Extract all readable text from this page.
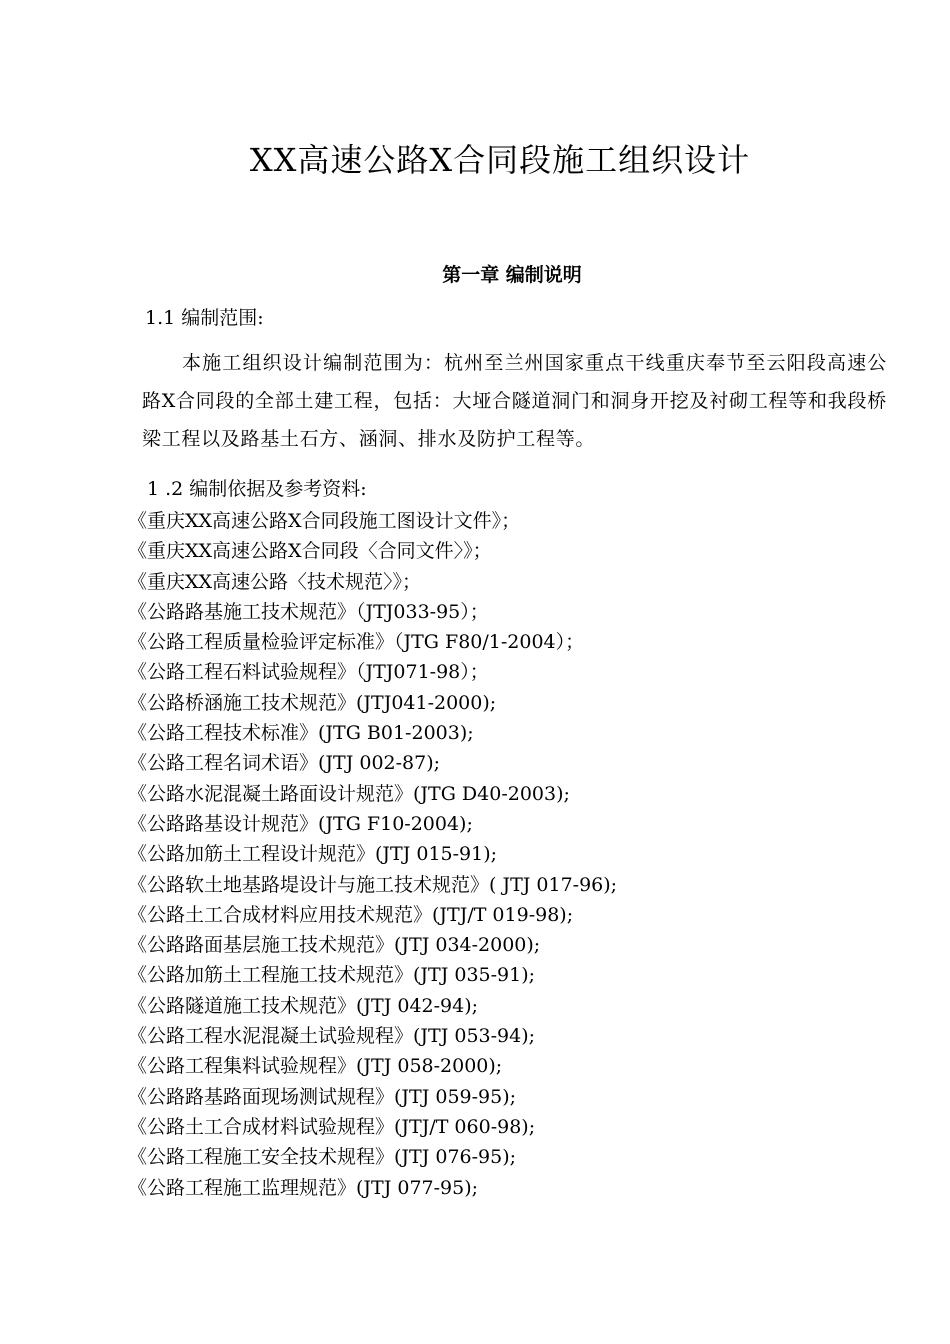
XX高速公路X合同段施工组织设计
第一章 编制说明
1.1 编制范围:
本施工组织设计编制范围为：杭州至兰州国家重点干线重庆奉节至云阳段高速公路X合同段的全部土建工程，包括：大垭合隧道洞门和洞身开挖及衬砌工程等和我段桥梁工程以及路基土石方、涵洞、排水及防护工程等。
1 .2 编制依据及参考资料:
《重庆XX高速公路X合同段施工图设计文件》；
《重庆XX高速公路X合同段〈合同文件〉》；
《重庆XX高速公路〈技术规范〉》；
《公路路基施工技术规范》（JTJ033-95）；
《公路工程质量检验评定标准》（JTG F80/1-2004）；
《公路工程石料试验规程》（JTJ071-98）；
《公路桥涵施工技术规范》(JTJ041-2000);
《公路工程技术标准》(JTG B01-2003);
《公路工程名词术语》(JTJ 002-87);
《公路水泥混凝土路面设计规范》(JTG D40-2003);
《公路路基设计规范》(JTG F10-2004);
《公路加筋土工程设计规范》(JTJ 015-91);
《公路软土地基路堤设计与施工技术规范》( JTJ 017-96);
《公路土工合成材料应用技术规范》(JTJ/T 019-98);
《公路路面基层施工技术规范》(JTJ 034-2000);
《公路加筋土工程施工技术规范》(JTJ 035-91);
《公路隧道施工技术规范》(JTJ 042-94);
《公路工程水泥混凝土试验规程》(JTJ 053-94);
《公路工程集料试验规程》(JTJ 058-2000);
《公路路基路面现场测试规程》(JTJ 059-95);
《公路土工合成材料试验规程》(JTJ/T 060-98);
《公路工程施工安全技术规程》(JTJ 076-95);
《公路工程施工监理规范》(JTJ 077-95);
